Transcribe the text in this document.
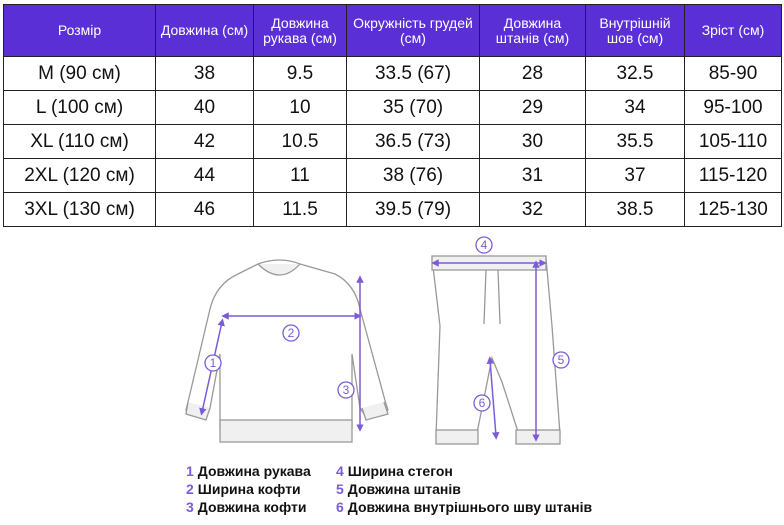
Розмір	Довжина (см)	Довжина рукава (см)	Окружність грудей (см)	Довжина штанів (см)	Внутрішній шов (см)	Зріст (см)
M (90 см)	38	9.5	33.5 (67)	28	32.5	85-90
L (100 см)	40	10	35 (70)	29	34	95-100
XL (110 см)	42	10.5	36.5 (73)	30	35.5	105-110
2XL (120 см)	44	11	38 (76)	31	37	115-120
3XL (130 см)	46	11.5	39.5 (79)	32	38.5	125-130
1
2
3
4
5
6
1 Довжина рукава
2 Ширина кофти
3 Довжина кофти
4 Ширина стегон
5 Довжина штанів
6 Довжина внутрішнього шву штанів
